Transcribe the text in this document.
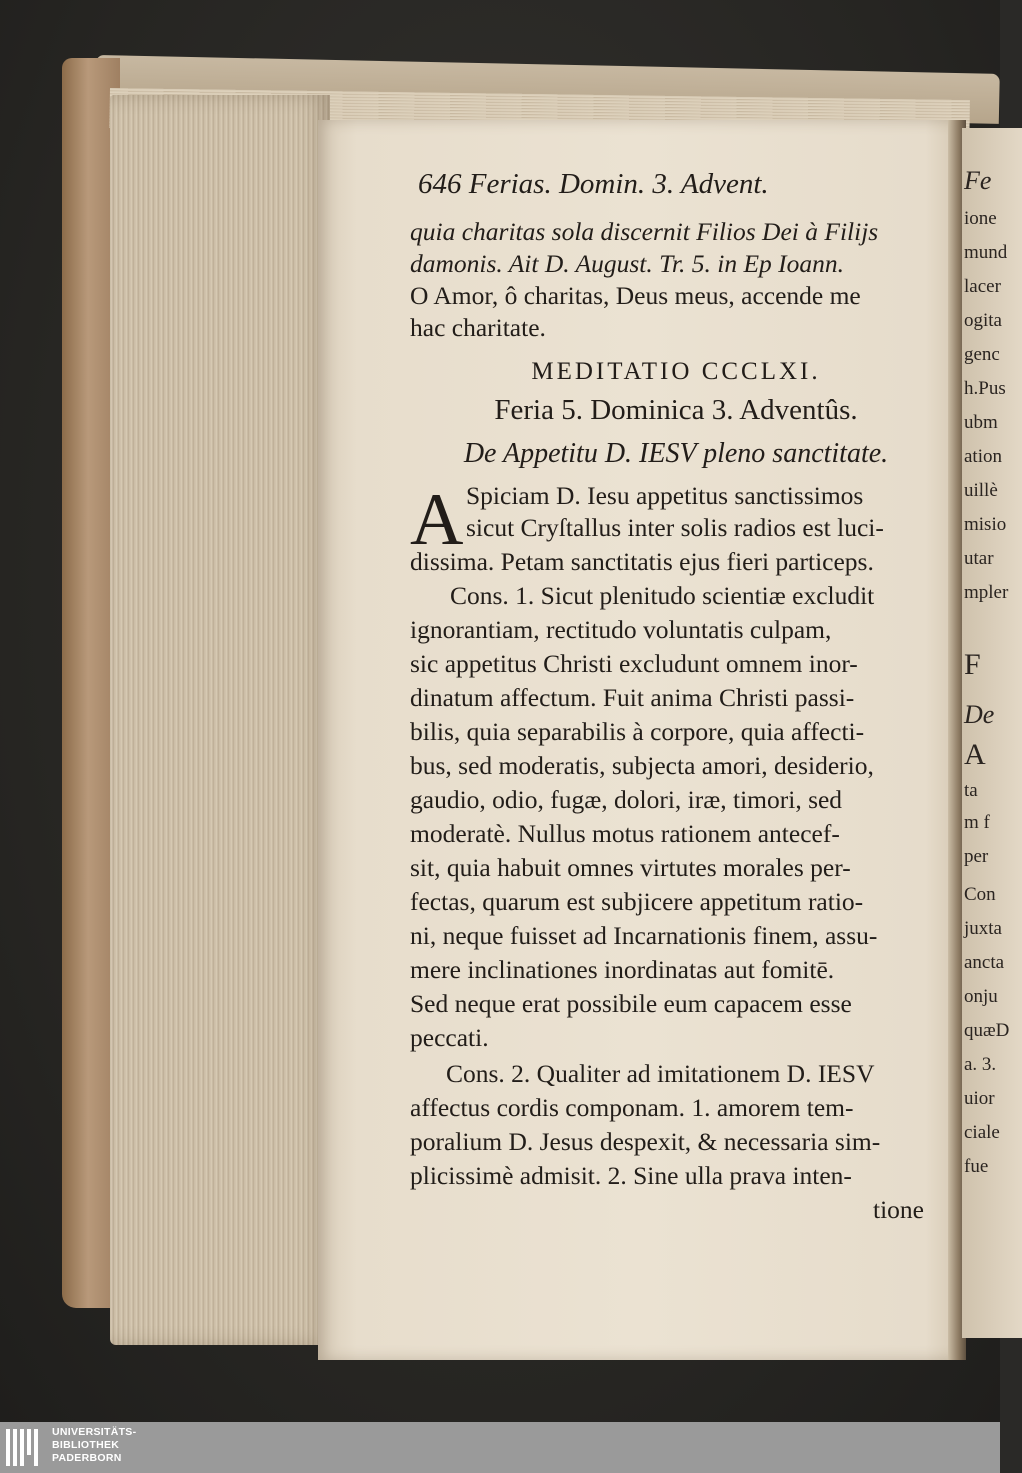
Fe
ione
mund
lacer
ogita
genc
h.Pus
ubm
ation
uillè
misio
utar
mpler
F
De
A
ta
m f
per
Con
juxta
ancta
onju
quæD
a. 3.
uior
ciale
fue
646 Ferias. Domin. 3. Advent.
quia charitas sola discernit Filios Dei à Filijs
damonis. Ait D. August. Tr. 5. in Ep Ioann.
O Amor, ô charitas, Deus meus, accende me
hac charitate.
MEDITATIO CCCLXI.
Feria 5. Dominica 3. Adventûs.
De Appetitu D. IESV pleno sanctitate.
A Spiciam D. Iesu appetitus sanctissimos
sicut Cryſtallus inter solis radios est luci-
dissima. Petam sanctitatis ejus fieri particeps.
Cons. 1. Sicut plenitudo scientiæ excludit
ignorantiam, rectitudo voluntatis culpam,
sic appetitus Christi excludunt omnem inor-
dinatum affectum. Fuit anima Christi passi-
bilis, quia separabilis à corpore, quia affecti-
bus, sed moderatis, subjecta amori, desiderio,
gaudio, odio, fugæ, dolori, iræ, timori, sed
moderatè. Nullus motus rationem antecef-
sit, quia habuit omnes virtutes morales per-
fectas, quarum est subjicere appetitum ratio-
ni, neque fuisset ad Incarnationis finem, assu-
mere inclinationes inordinatas aut fomitē.
Sed neque erat possibile eum capacem esse
peccati.
Cons. 2. Qualiter ad imitationem D. IESV
affectus cordis componam. 1. amorem tem-
poralium D. Jesus despexit, & necessaria sim-
plicissimè admisit. 2. Sine ulla prava inten-
tione
UNIVERSITÄTS-
BIBLIOTHEK
PADERBORN
